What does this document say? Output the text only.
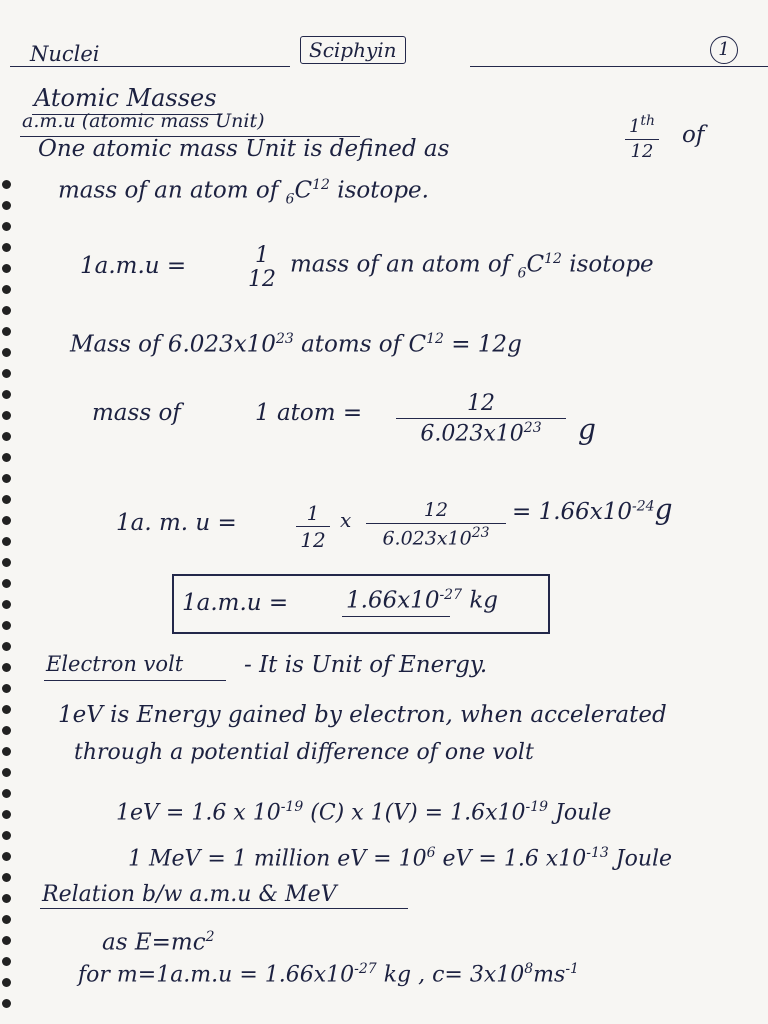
Nuclei	Sciphyin	1
Atomic Masses
a.m.u (atomic mass Unit)
One atomic mass Unit is defined as
1th
12
of
mass of an atom of $_6C^{12}$ isotope.
1a.m.u =	1
12
mass of an atom of $_6C^{12}$ isotope
Mass of $6.023x10^{23}$ atoms of $C^{12} = 12g$
mass of	1 atom =	12
$6.023x10^{23}$	g
1a. m. u =	1
12
x	12
$6.023x10^{23}$
= $1.66x10^{-24}g$
1a.m.u =	$1.66x10^{-27}$ kg
Electron volt	- It is Unit of Energy.
1eV is Energy gained by electron, when accelerated
through a potential difference of one volt
1eV = 1.6 x $10^{-19}$ (C) x $1(V) = 1.6x10^{-19}$ Joule
1 MeV = 1 million eV = $10^6$ eV = 1.6 $x10^{-13}$ Joule
Relation b/w a.m.u & MeV
as $E=mc^2$
for $m=1a.m.u = 1.66x10^{-27}$ kg , $c= 3x10^8ms^{-1}$
